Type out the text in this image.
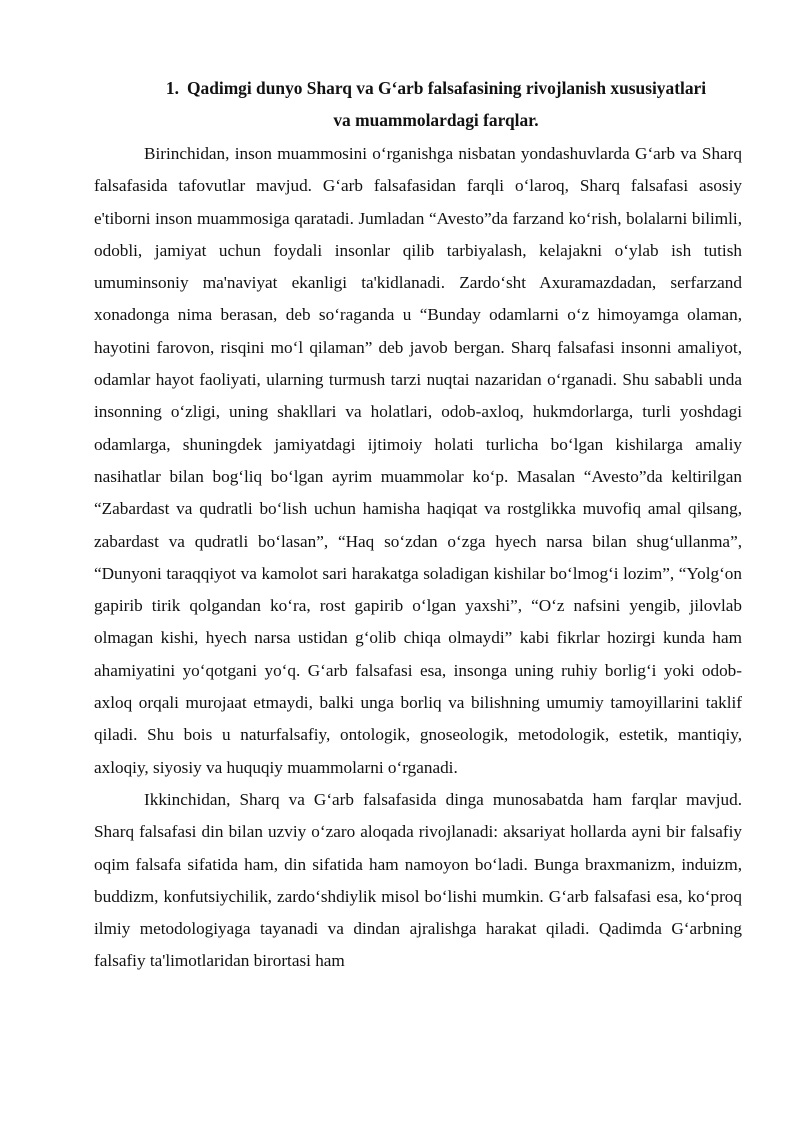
1. Qadimgi dunyo Sharq va G‘arb falsafasining rivojlanish xususiyatlari
va muammolardagi farqlar.

Birinchidan, inson muammosini o‘rganishga nisbatan yondashuvlarda G‘arb va Sharq falsafasida tafovutlar mavjud. G‘arb falsafasidan farqli o‘laroq, Sharq falsafasi asosiy e'tiborni inson muammosiga qaratadi. Jumladan “Avesto”da farzand ko‘rish, bolalarni bilimli, odobli, jamiyat uchun foydali insonlar qilib tarbiyalash, kelajakni o‘ylab ish tutish umuminsoniy ma'naviyat ekanligi ta'kidlanadi. Zardo‘sht Axuramazdadan, serfarzand xonadonga nima berasan, deb so‘raganda u “Bunday odamlarni o‘z himoyamga olaman, hayotini farovon, risqini mo‘l qilaman” deb javob bergan. Sharq falsafasi insonni amaliyot, odamlar hayot faoliyati, ularning turmush tarzi nuqtai nazaridan o‘rganadi. Shu sababli unda insonning o‘zligi, uning shakllari va holatlari, odob-axloq, hukmdorlarga, turli yoshdagi odamlarga, shuningdek jamiyatdagi ijtimoiy holati turlicha bo‘lgan kishilarga amaliy nasihatlar bilan bog‘liq bo‘lgan ayrim muammolar ko‘p. Masalan “Avesto”da keltirilgan “Zabardast va qudratli bo‘lish uchun hamisha haqiqat va rostglikka muvofiq amal qilsang, zabardast va qudratli bo‘lasan”, “Haq so‘zdan o‘zga hyech narsa bilan shug‘ullanma”, “Dunyoni taraqqiyot va kamolot sari harakatga soladigan kishilar bo‘lmog‘i lozim”, “Yolg‘on gapirib tirik qolgandan ko‘ra, rost gapirib o‘lgan yaxshi”, “O‘z nafsini yengib, jilovlab olmagan kishi, hyech narsa ustidan g‘olib chiqa olmaydi” kabi fikrlar hozirgi kunda ham ahamiyatini yo‘qotgani yo‘q. G‘arb falsafasi esa, insonga uning ruhiy borlig‘i yoki odob-axloq orqali murojaat etmaydi, balki unga borliq va bilishning umumiy tamoyillarini taklif qiladi. Shu bois u naturfalsafiy, ontologik, gnoseologik, metodologik, estetik, mantiqiy, axloqiy, siyosiy va huquqiy muammolarni o‘rganadi.

Ikkinchidan, Sharq va G‘arb falsafasida dinga munosabatda ham farqlar mavjud. Sharq falsafasi din bilan uzviy o‘zaro aloqada rivojlanadi: aksariyat hollarda ayni bir falsafiy oqim falsafa sifatida ham, din sifatida ham namoyon bo‘ladi. Bunga braxmanizm, induizm, buddizm, konfutsiychilik, zardo‘shdiylik misol bo‘lishi mumkin. G‘arb falsafasi esa, ko‘proq ilmiy metodologiyaga tayanadi va dindan ajralishga harakat qiladi. Qadimda G‘arbning falsafiy ta'limotlaridan birortasi ham
